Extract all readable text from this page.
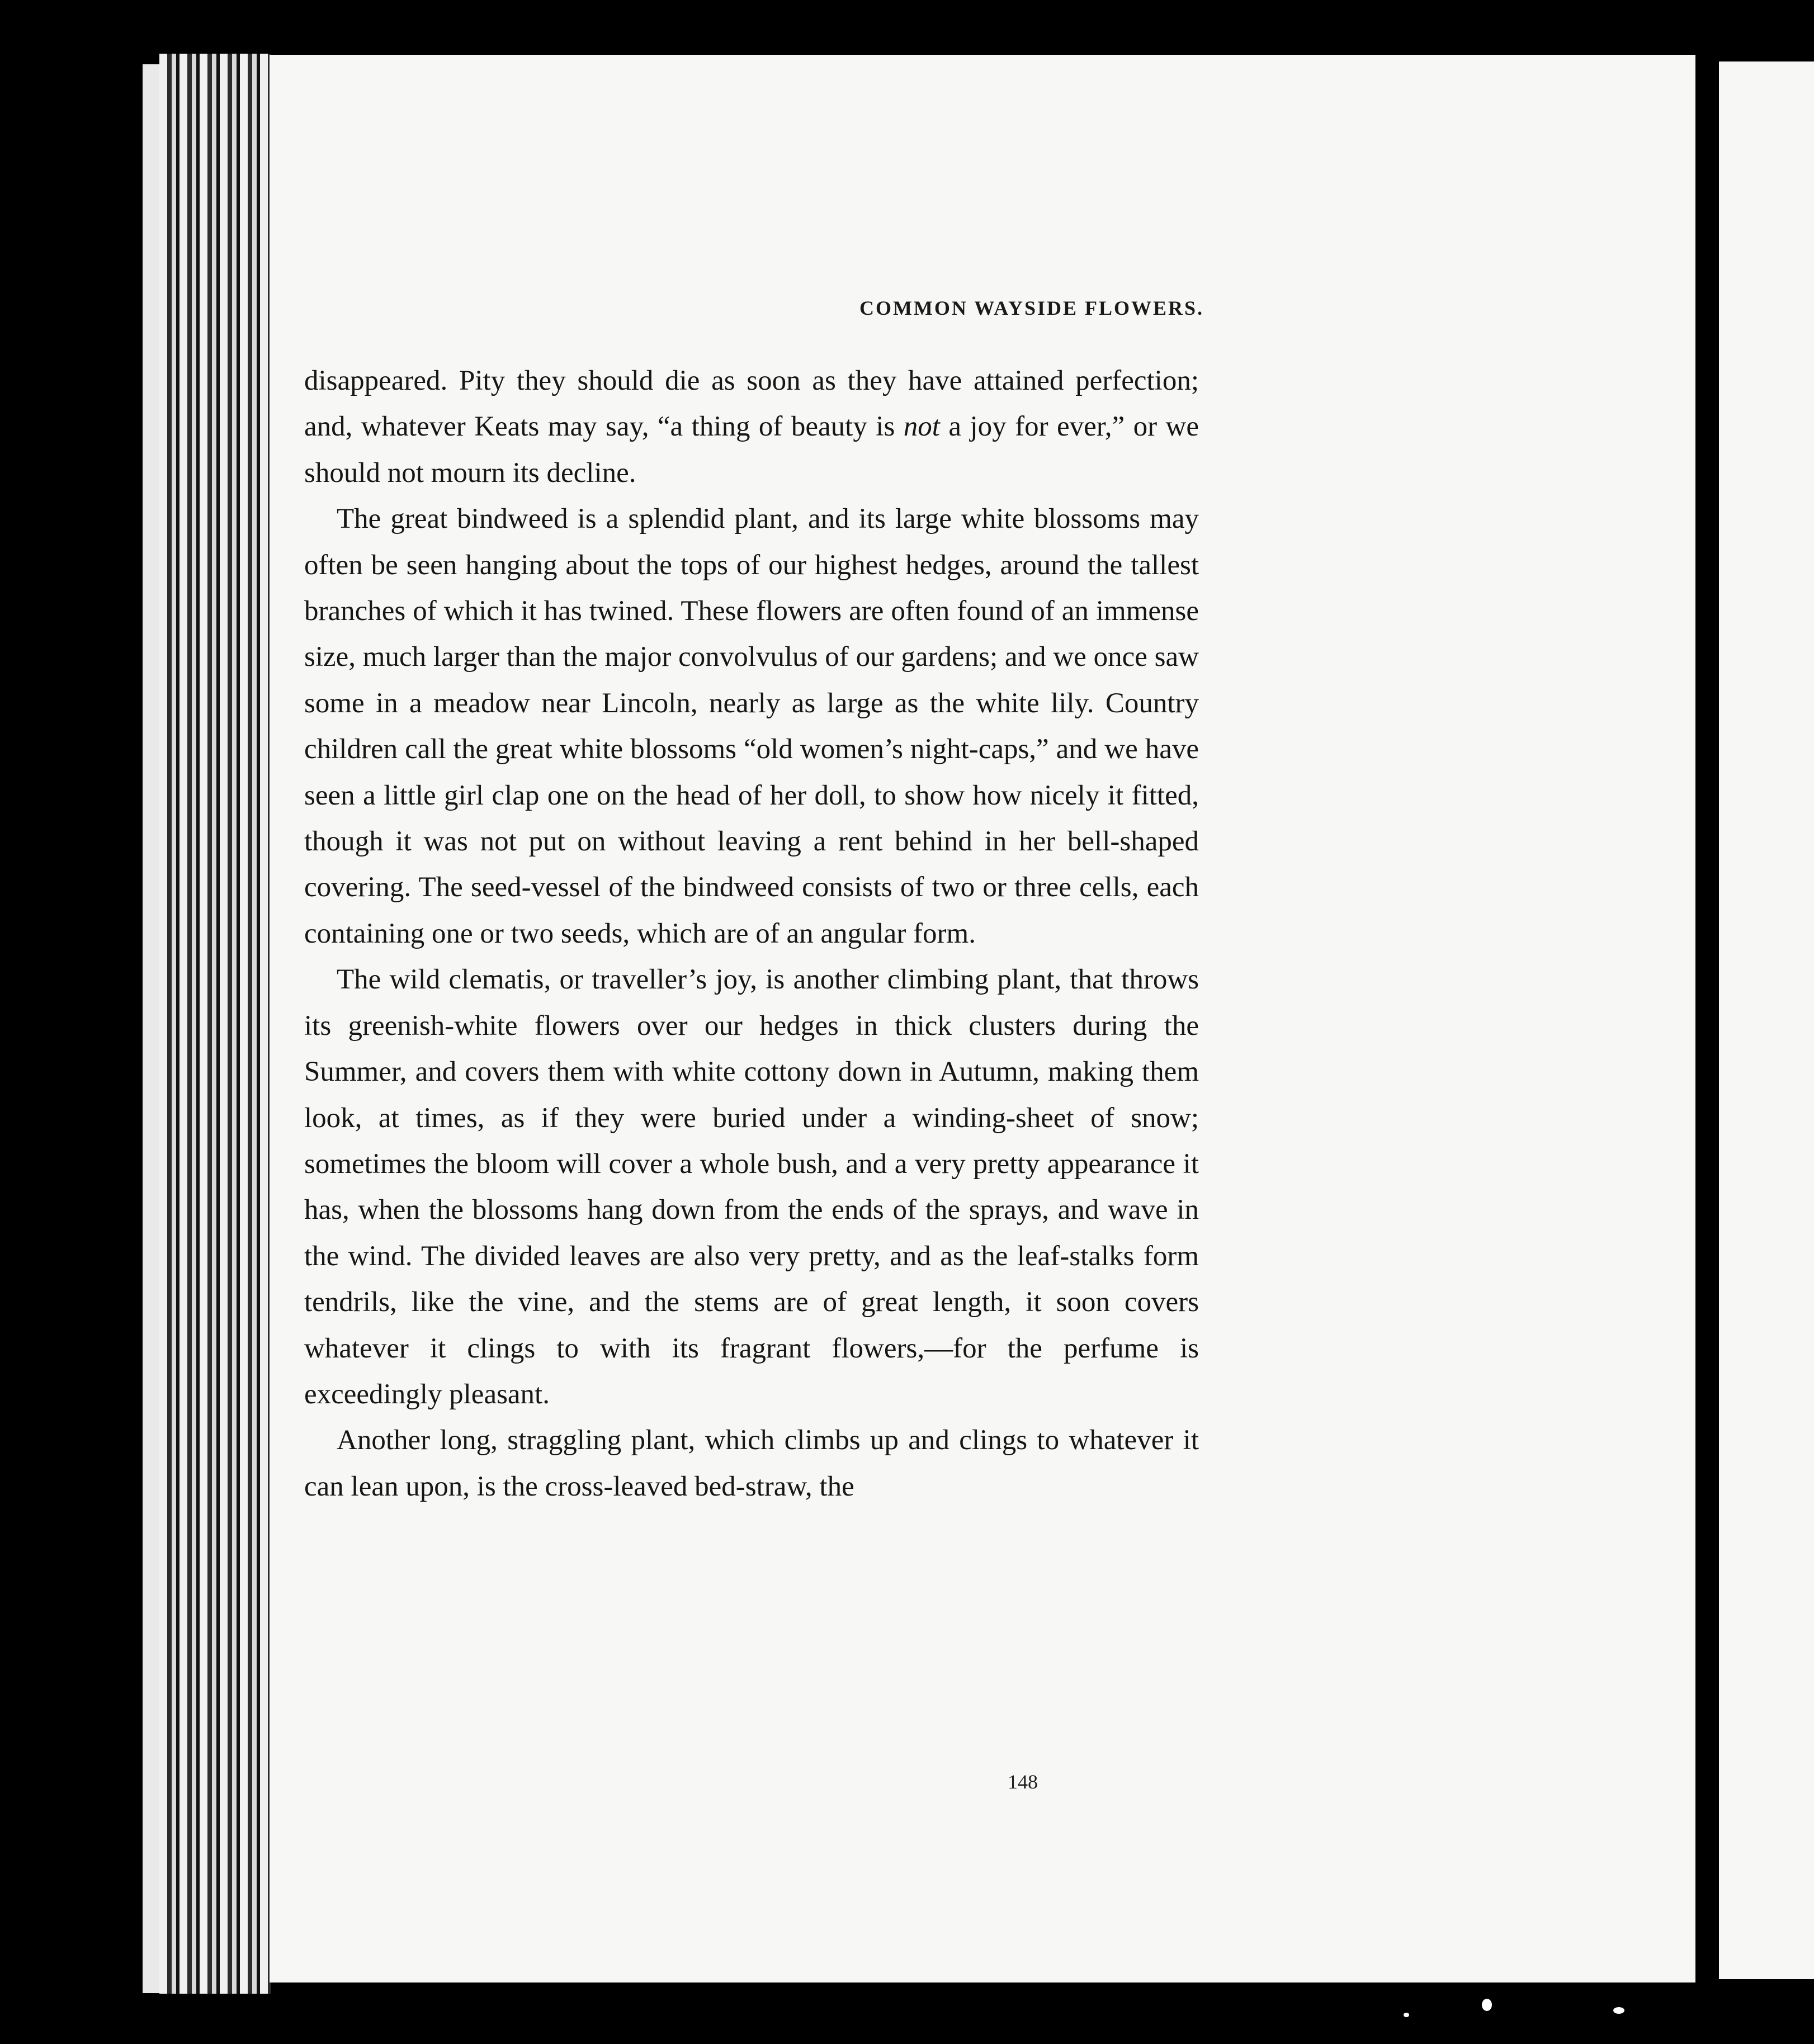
COMMON WAYSIDE FLOWERS.
148

disappeared. Pity they should die as soon as they have attained perfection; and, whatever Keats may say, “a thing of beauty is not a joy for ever,” or we should not mourn its decline.

The great bindweed is a splendid plant, and its large white blossoms may often be seen hanging about the tops of our highest hedges, around the tallest branches of which it has twined. These flowers are often found of an immense size, much larger than the major convolvulus of our gardens; and we once saw some in a meadow near Lincoln, nearly as large as the white lily. Country children call the great white blossoms “old women’s night-caps,” and we have seen a little girl clap one on the head of her doll, to show how nicely it fitted, though it was not put on without leaving a rent behind in her bell-shaped covering. The seed-vessel of the bindweed consists of two or three cells, each containing one or two seeds, which are of an angular form.

The wild clematis, or traveller’s joy, is another climbing plant, that throws its greenish-white flowers over our hedges in thick clusters during the Summer, and covers them with white cottony down in Autumn, making them look, at times, as if they were buried under a winding-sheet of snow; sometimes the bloom will cover a whole bush, and a very pretty appearance it has, when the blossoms hang down from the ends of the sprays, and wave in the wind. The divided leaves are also very pretty, and as the leaf-stalks form tendrils, like the vine, and the stems are of great length, it soon covers whatever it clings to with its fragrant flowers,—for the perfume is exceedingly pleasant.

Another long, straggling plant, which climbs up and clings to whatever it can lean upon, is the cross-leaved bed-straw, the
